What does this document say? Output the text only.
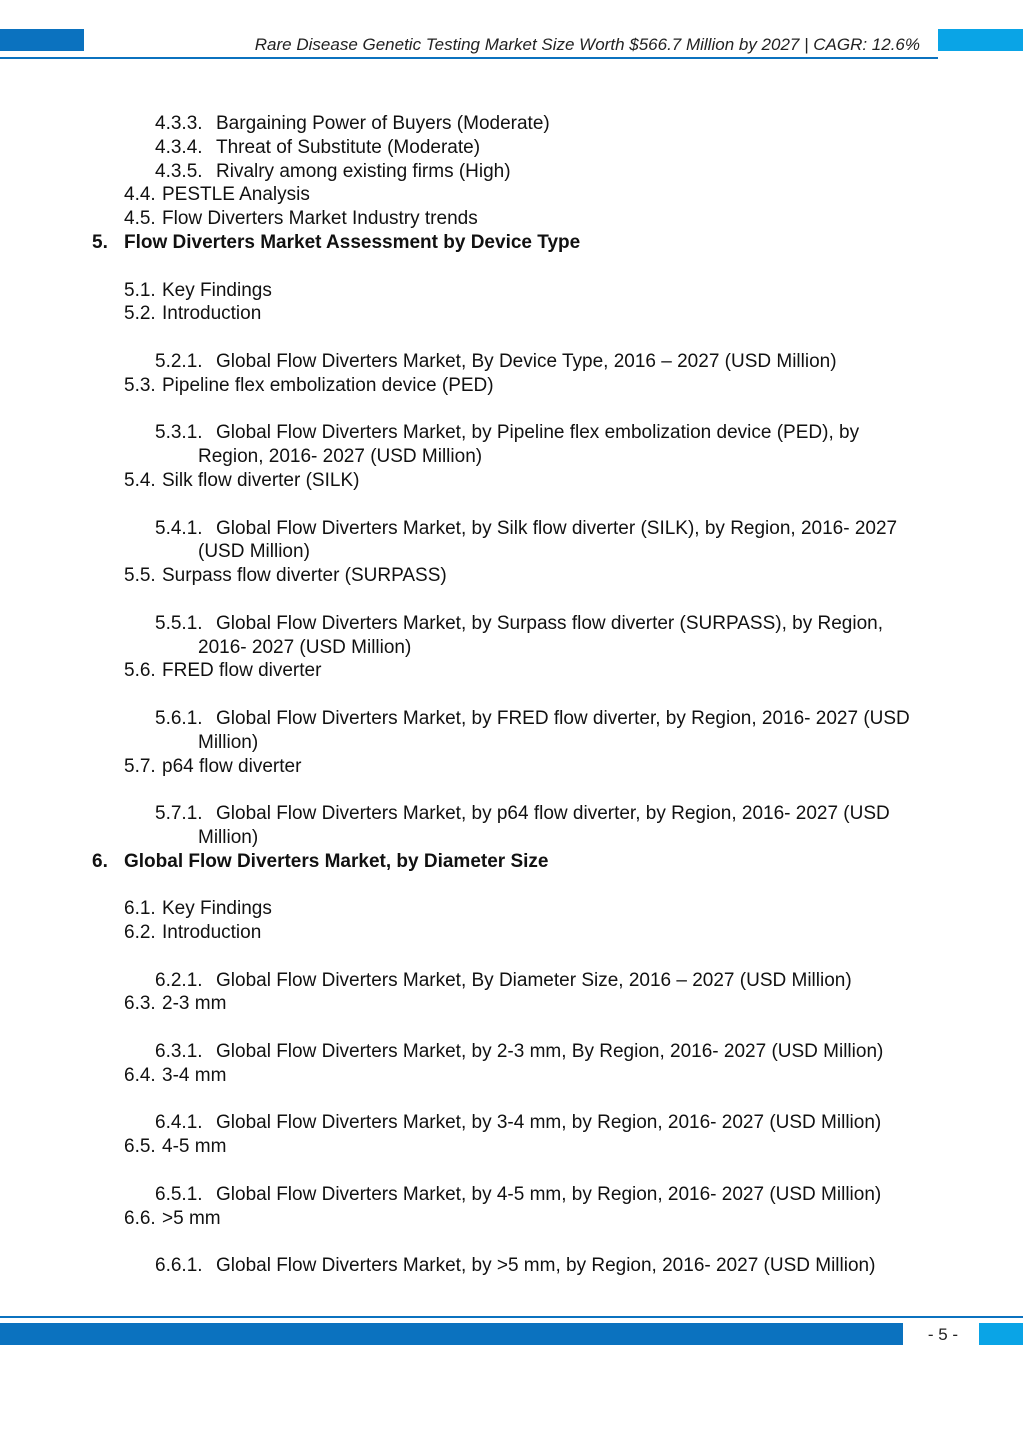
Rare Disease Genetic Testing Market Size Worth $566.7 Million by 2027 | CAGR: 12.6%
4.3.3. Bargaining Power of Buyers (Moderate)
4.3.4. Threat of Substitute (Moderate)
4.3.5. Rivalry among existing firms (High)
4.4. PESTLE Analysis
4.5. Flow Diverters Market Industry trends
5. Flow Diverters Market Assessment by Device Type
5.1. Key Findings
5.2. Introduction
5.2.1. Global Flow Diverters Market, By Device Type, 2016 – 2027 (USD Million)
5.3. Pipeline flex embolization device (PED)
5.3.1. Global Flow Diverters Market, by Pipeline flex embolization device (PED), by
Region, 2016- 2027 (USD Million)
5.4. Silk flow diverter (SILK)
5.4.1. Global Flow Diverters Market, by Silk flow diverter (SILK), by Region, 2016- 2027
(USD Million)
5.5. Surpass flow diverter (SURPASS)
5.5.1. Global Flow Diverters Market, by Surpass flow diverter (SURPASS), by Region,
2016- 2027 (USD Million)
5.6. FRED flow diverter
5.6.1. Global Flow Diverters Market, by FRED flow diverter, by Region, 2016- 2027 (USD
Million)
5.7. p64 flow diverter
5.7.1. Global Flow Diverters Market, by p64 flow diverter, by Region, 2016- 2027 (USD
Million)
6. Global Flow Diverters Market, by Diameter Size
6.1. Key Findings
6.2. Introduction
6.2.1. Global Flow Diverters Market, By Diameter Size, 2016 – 2027 (USD Million)
6.3. 2-3 mm
6.3.1. Global Flow Diverters Market, by 2-3 mm, By Region, 2016- 2027 (USD Million)
6.4. 3-4 mm
6.4.1. Global Flow Diverters Market, by 3-4 mm, by Region, 2016- 2027 (USD Million)
6.5. 4-5 mm
6.5.1. Global Flow Diverters Market, by 4-5 mm, by Region, 2016- 2027 (USD Million)
6.6. >5 mm
6.6.1. Global Flow Diverters Market, by >5 mm, by Region, 2016- 2027 (USD Million)
- 5 -
